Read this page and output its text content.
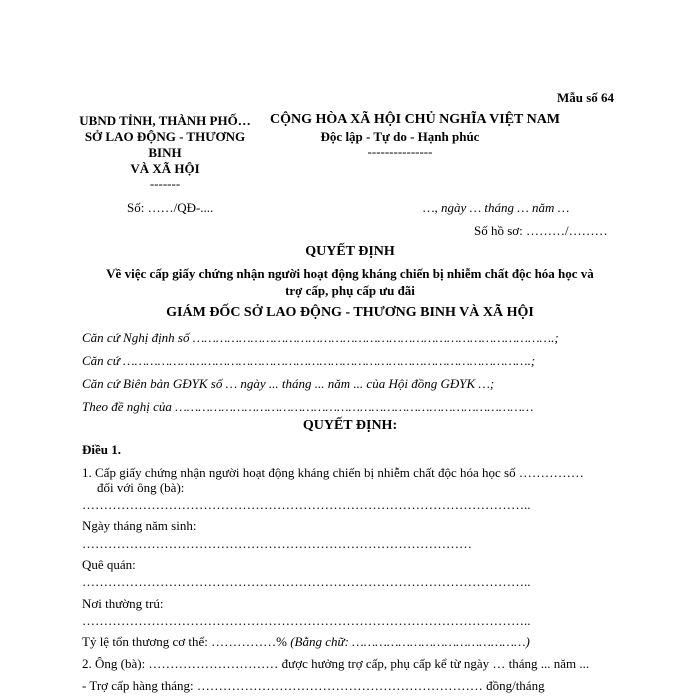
Mẫu số 64
UBND TỈNH, THÀNH PHỐ…
SỞ LAO ĐỘNG - THƯƠNG
BINH
VÀ XÃ HỘI
-------
Số: ……/QĐ-....
CỘNG HÒA XÃ HỘI CHỦ NGHĨA VIỆT NAM
Độc lập - Tự do - Hạnh phúc
---------------
…, ngày … tháng … năm …
Số hồ sơ: ………/………
QUYẾT ĐỊNH
Về việc cấp giấy chứng nhận người hoạt động kháng chiến bị nhiễm chất độc hóa học và
trợ cấp, phụ cấp ưu đãi
GIÁM ĐỐC SỞ LAO ĐỘNG - THƯƠNG BINH VÀ XÃ HỘI
Căn cứ Nghị định số ………………………………………………………………………………….;
Căn cứ …………………………………………………………………………………………….;
Căn cứ Biên bản GĐYK số … ngày ... tháng ... năm ... của Hội đồng GĐYK …;
Theo đề nghị của …………………………………………………………………………………
QUYẾT ĐỊNH:
Điều 1.
1. Cấp giấy chứng nhận người hoạt động kháng chiến bị nhiễm chất độc hóa học số ……………
đối với ông (bà):
…………………………………………………………………………………………..
Ngày tháng năm sinh:
………………………………………………………………………………
Quê quán:
…………………………………………………………………………………………..
Nơi thường trú:
…………………………………………………………………………………………..
Tỷ lệ tổn thương cơ thể: ……………% (Bằng chữ: ………………………………………)
2. Ông (bà): ………………………… được hưởng trợ cấp, phụ cấp kể từ ngày … tháng ... năm ...
- Trợ cấp hàng tháng: ………………………………………………………… đồng/tháng
